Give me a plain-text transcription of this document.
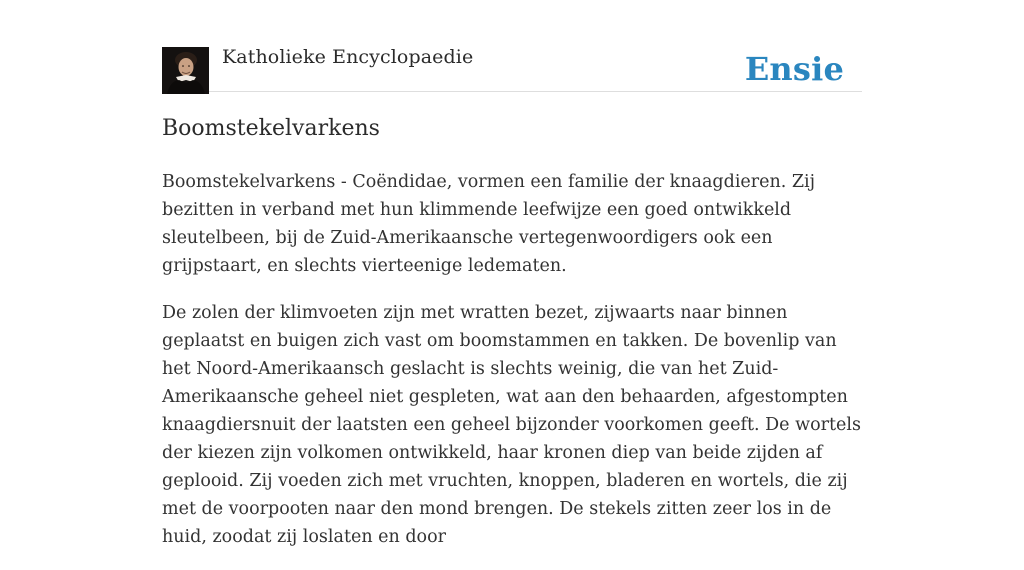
Katholieke Encyclopaedie	Ensie
Boomstekelvarkens

Boomstekelvarkens - Coëndidae, vormen een familie der knaagdieren. Zij bezitten in verband met hun klimmende leefwijze een goed ontwikkeld sleutelbeen, bij de Zuid-Amerikaansche vertegenwoordigers ook een grijpstaart, en slechts vierteenige ledematen.

De zolen der klimvoeten zijn met wratten bezet, zijwaarts naar binnen geplaatst en buigen zich vast om boomstammen en takken. De bovenlip van het Noord-Amerikaansch geslacht is slechts weinig, die van het Zuid-Amerikaansche geheel niet gespleten, wat aan den behaarden, afgestompten knaagdiersnuit der laatsten een geheel bijzonder voorkomen geeft. De wortels der kiezen zijn volkomen ontwikkeld, haar kronen diep van beide zijden af geplooid. Zij voeden zich met vruchten, knoppen, bladeren en wortels, die zij met de voorpooten naar den mond brengen. De stekels zitten zeer los in de huid, zoodat zij loslaten en door
